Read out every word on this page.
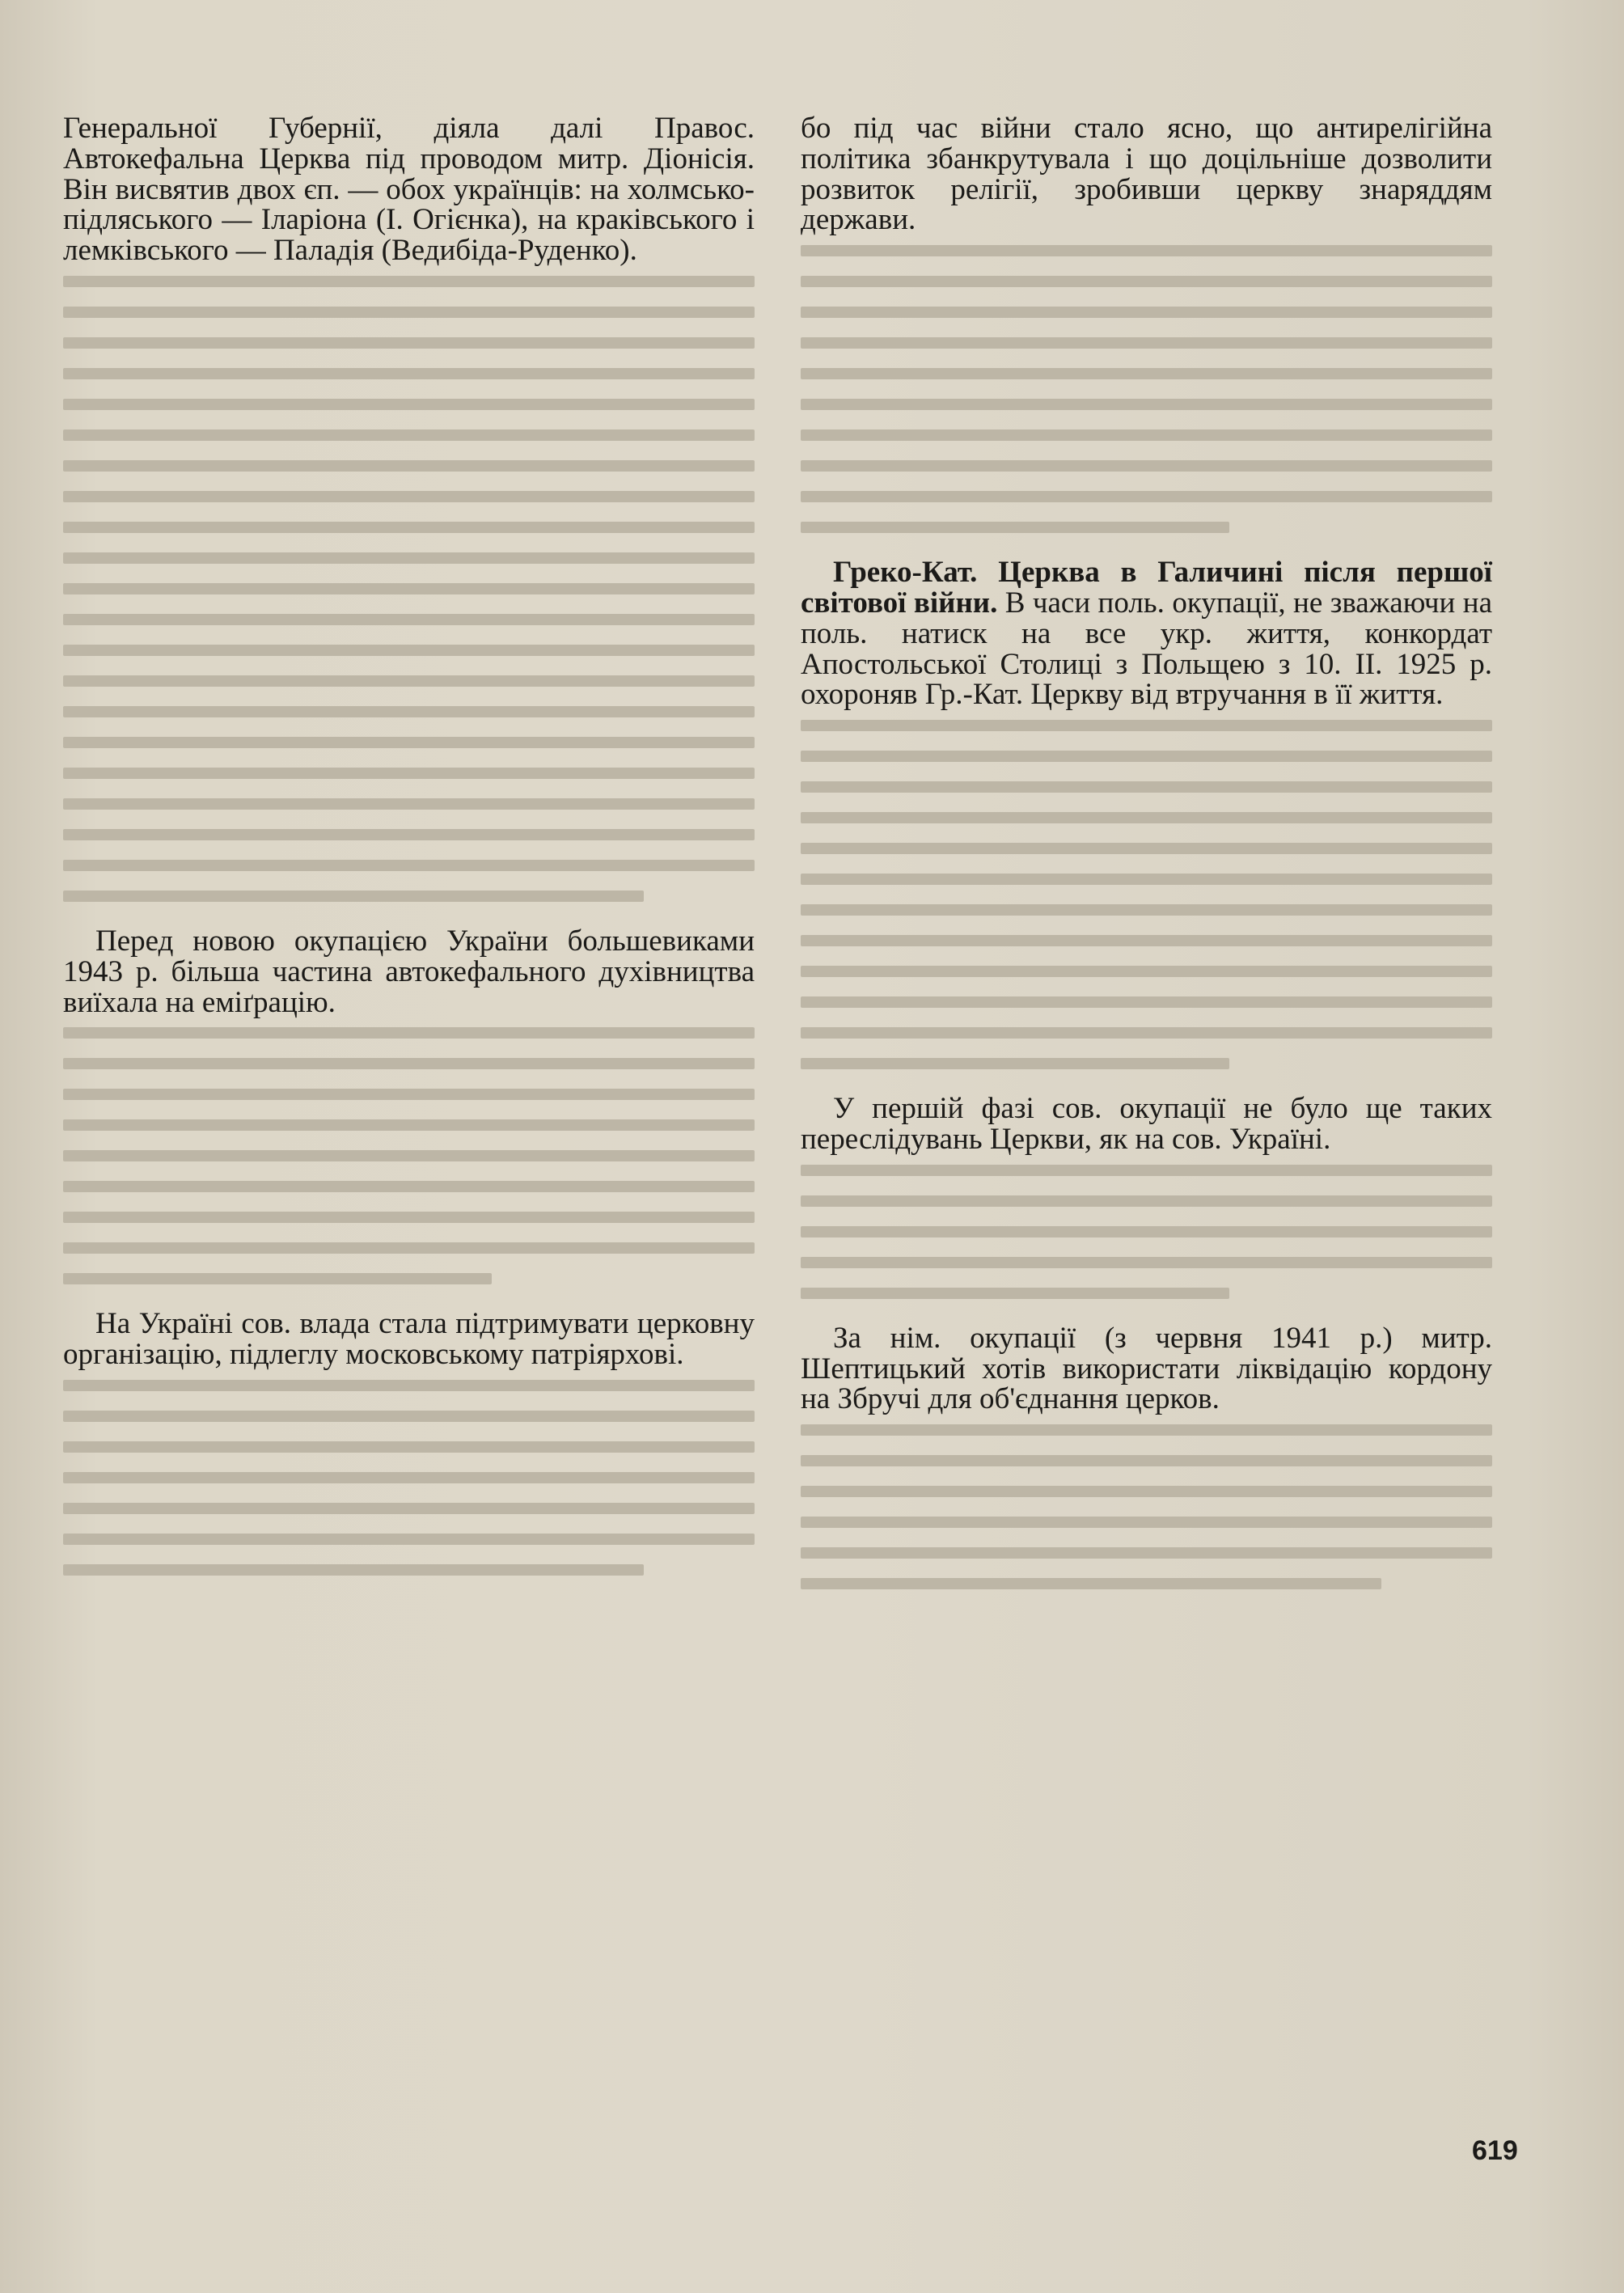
Генеральної Губернії, діяла далі Правос. Автокефальна Церква під проводом митр. Діонісія. Він висвятив двох єп. — обох українців: на холмсько-підляського — Іларіона (І. Огієнка), на краківського і лемківського — Паладія (Ведибіда-Руденко).

Перед новою окупацією України большевиками 1943 р. більша частина автокефального духівництва виїхала на еміґрацію.

На Україні сов. влада стала підтримувати церковну організацію, підлеглу московському патріярхові.

бо під час війни стало ясно, що антирелігійна політика збанкрутувала і що доцільніше дозволити розвиток релігії, зробивши церкву знаряддям держави.

Греко-Кат. Церква в Галичині після першої світової війни. В часи поль. окупації, не зважаючи на поль. натиск на все укр. життя, конкордат Апостольської Столиці з Польщею з 10. II. 1925 р. охороняв Гр.-Кат. Церкву від втручання в її життя.

У першій фазі сов. окупації не було ще таких переслідувань Церкви, як на сов. Україні.

За нім. окупації (з червня 1941 р.) митр. Шептицький хотів використати ліквідацію кордону на Збручі для об'єднання церков.

619
